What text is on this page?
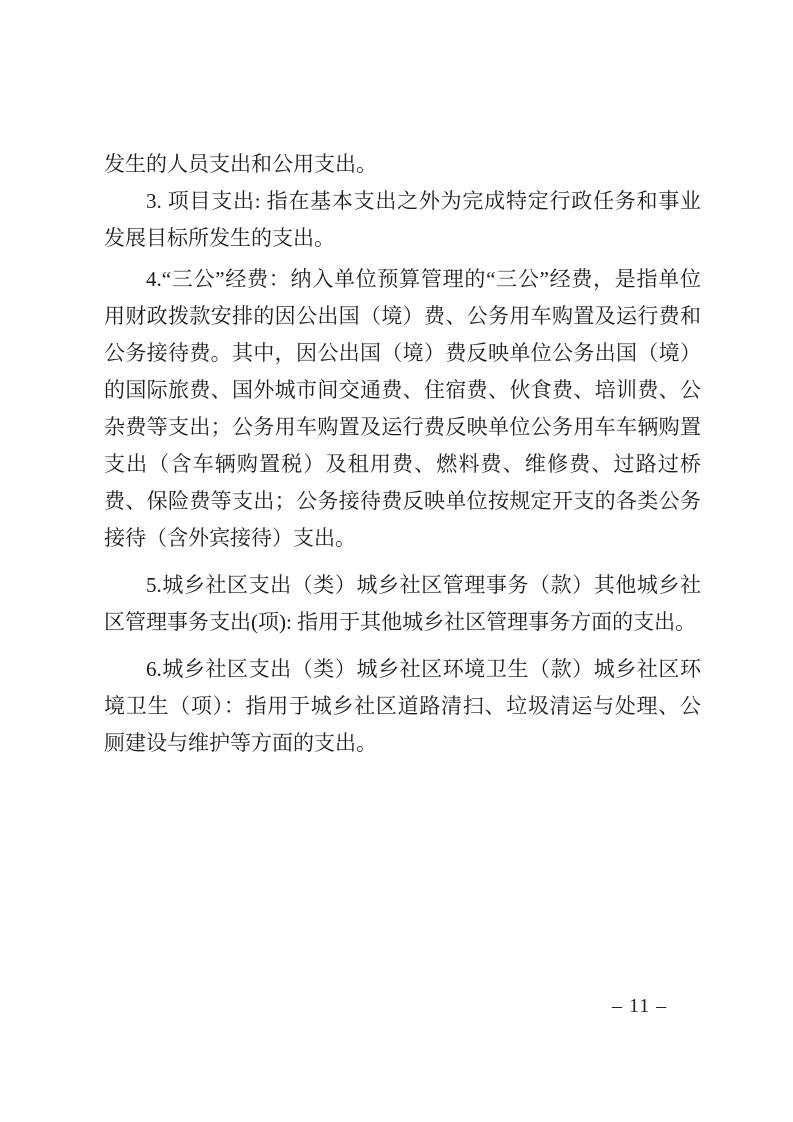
发生的人员支出和公用支出。

3. 项目支出: 指在基本支出之外为完成特定行政任务和事业发展目标所发生的支出。

4.“三公”经费：纳入单位预算管理的“三公”经费，是指单位用财政拨款安排的因公出国（境）费、公务用车购置及运行费和公务接待费。其中，因公出国（境）费反映单位公务出国（境）的国际旅费、国外城市间交通费、住宿费、伙食费、培训费、公杂费等支出；公务用车购置及运行费反映单位公务用车车辆购置支出（含车辆购置税）及租用费、燃料费、维修费、过路过桥费、保险费等支出；公务接待费反映单位按规定开支的各类公务接待（含外宾接待）支出。

5.城乡社区支出（类）城乡社区管理事务（款）其他城乡社区管理事务支出(项): 指用于其他城乡社区管理事务方面的支出。

6.城乡社区支出（类）城乡社区环境卫生（款）城乡社区环境卫生（项）：指用于城乡社区道路清扫、垃圾清运与处理、公厕建设与维护等方面的支出。

– 11 –
